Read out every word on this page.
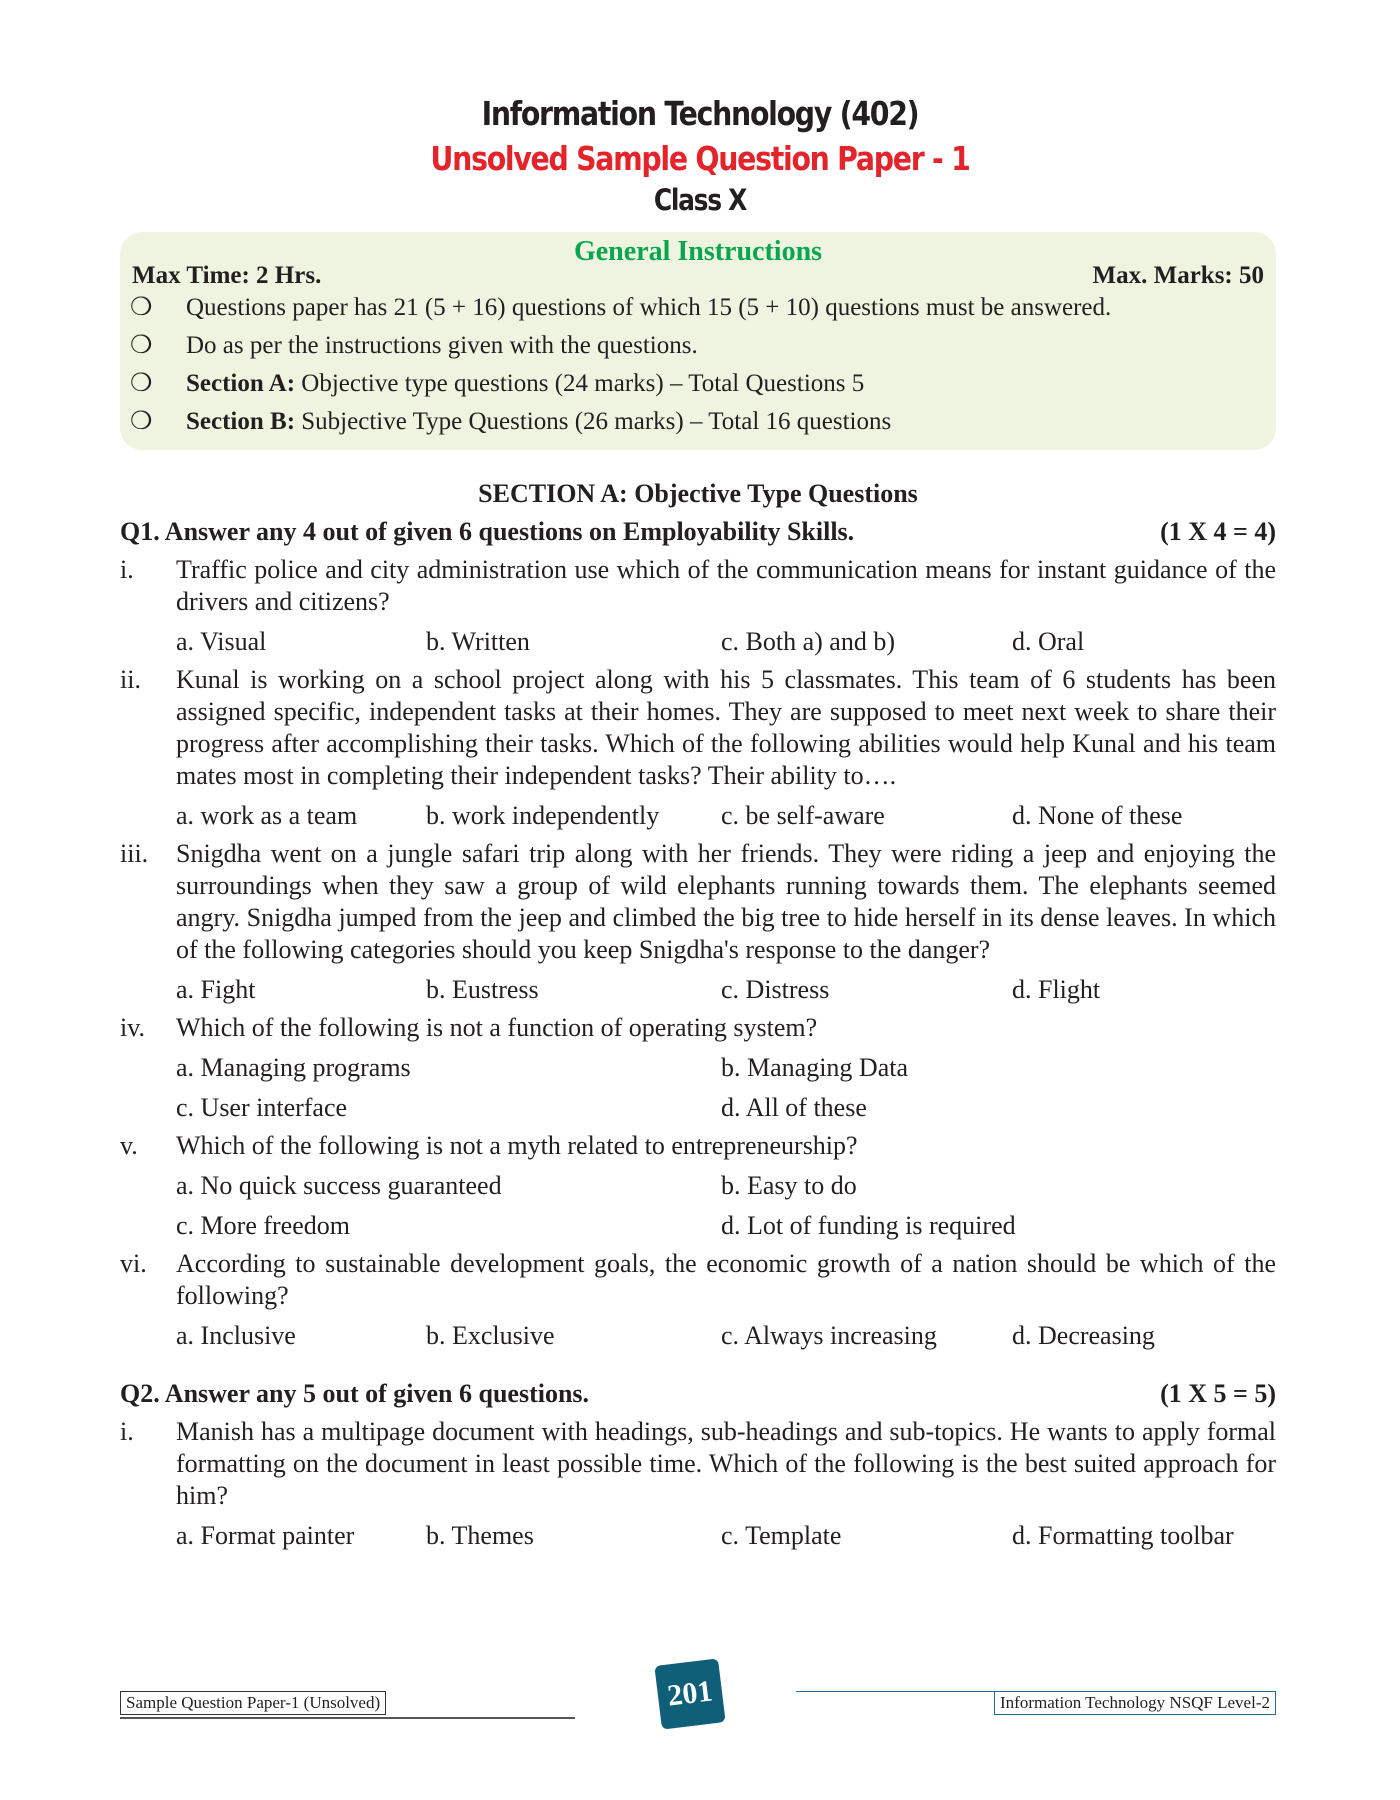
Information Technology (402)
Unsolved Sample Question Paper - 1
Class X
General Instructions
Max Time: 2 Hrs.	Max. Marks: 50
❍ Questions paper has 21 (5 + 16) questions of which 15 (5 + 10) questions must be answered.
❍ Do as per the instructions given with the questions.
❍ Section A: Objective type questions (24 marks) – Total Questions 5
❍ Section B: Subjective Type Questions (26 marks) – Total 16 questions
SECTION A: Objective Type Questions
Q1. Answer any 4 out of given 6 questions on Employability Skills.	(1 X 4 = 4)
i.	Traffic police and city administration use which of the communication means for instant guidance of the drivers and citizens?
a. Visual	b. Written	c. Both a) and b)	d. Oral
ii.	Kunal is working on a school project along with his 5 classmates. This team of 6 students has been assigned specific, independent tasks at their homes. They are supposed to meet next week to share their progress after accomplishing their tasks. Which of the following abilities would help Kunal and his team mates most in completing their independent tasks? Their ability to….
a. work as a team	b. work independently c. be self-aware	d. None of these
iii.	Snigdha went on a jungle safari trip along with her friends. They were riding a jeep and enjoying the surroundings when they saw a group of wild elephants running towards them. The elephants seemed angry. Snigdha jumped from the jeep and climbed the big tree to hide herself in its dense leaves. In which of the following categories should you keep Snigdha's response to the danger?
a. Fight	b. Eustress	c. Distress	d. Flight
iv.	Which of the following is not a function of operating system?
a. Managing programs	b. Managing Data
c. User interface	d. All of these
v.	Which of the following is not a myth related to entrepreneurship?
a. No quick success guaranteed	b. Easy to do
c. More freedom	d. Lot of funding is required
vi.	According to sustainable development goals, the economic growth of a nation should be which of the following?
a. Inclusive	b. Exclusive	c. Always increasing	d. Decreasing
Q2. Answer any 5 out of given 6 questions.	(1 X 5 = 5)
i.	Manish has a multipage document with headings, sub-headings and sub-topics. He wants to apply formal formatting on the document in least possible time. Which of the following is the best suited approach for him?
a. Format painter	b. Themes	c. Template	d. Formatting toolbar
Sample Question Paper-1 (Unsolved)	201	Information Technology NSQF Level-2
